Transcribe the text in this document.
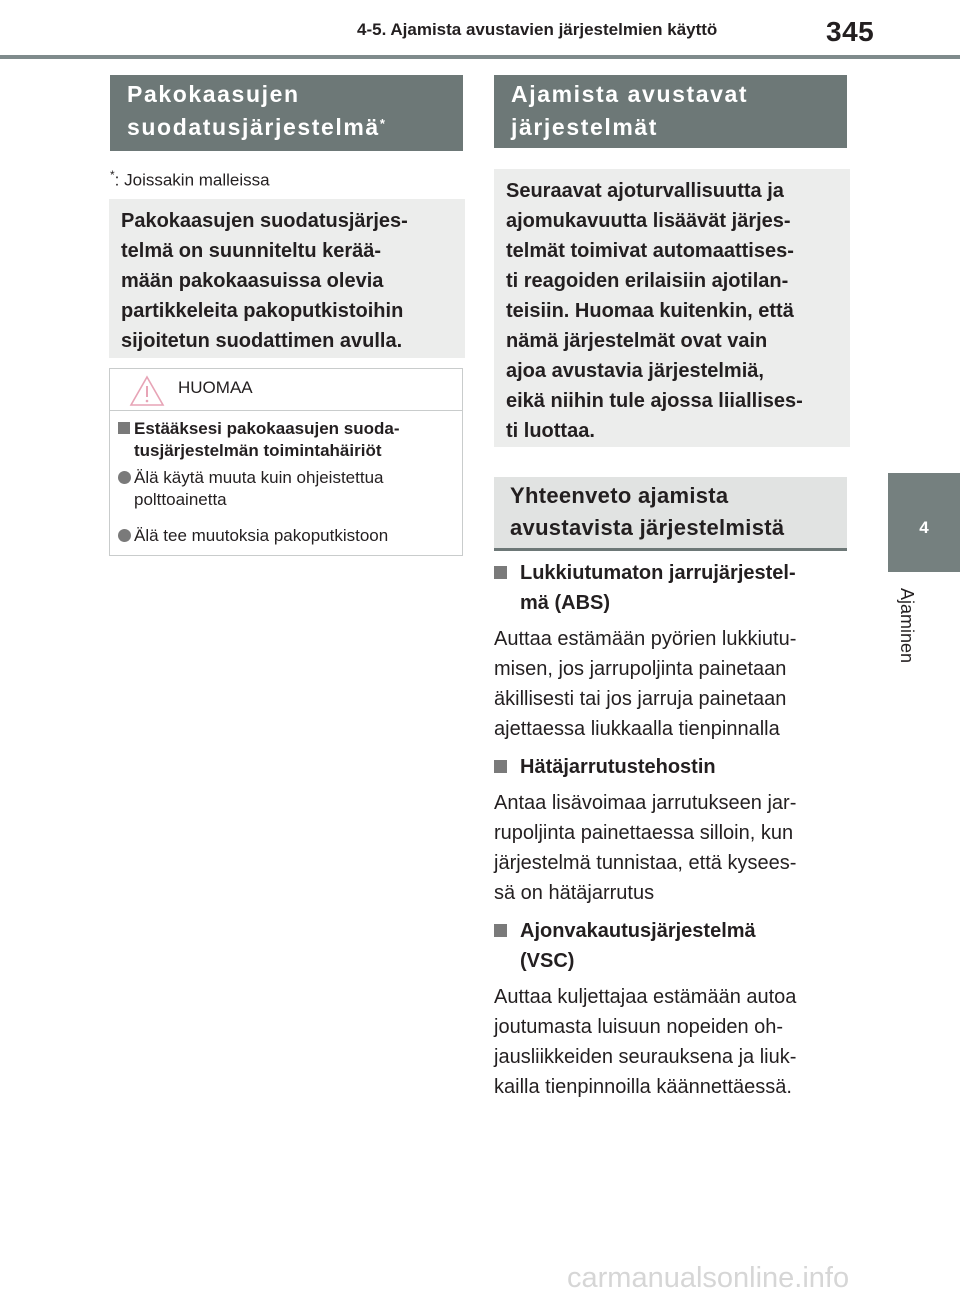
4-5. Ajamista avustavien järjestelmien käyttö	345
4
Ajaminen
Pakokaasujen
suodatusjärjestelmä*
*: Joissakin malleissa
Pakokaasujen suodatusjärjes-
telmä on suunniteltu kerää-
mään pakokaasuissa olevia
partikkeleita pakoputkistoihin
sijoitetun suodattimen avulla.
HUOMAA
Estääksesi pakokaasujen suoda-
tusjärjestelmän toimintahäiriöt
Älä käytä muuta kuin ohjeistettua
polttoainetta
Älä tee muutoksia pakoputkistoon
Ajamista avustavat
järjestelmät
Seuraavat ajoturvallisuutta ja
ajomukavuutta lisäävät järjes-
telmät toimivat automaattises-
ti reagoiden erilaisiin ajotilan-
teisiin. Huomaa kuitenkin, että
nämä järjestelmät ovat vain
ajoa avustavia järjestelmiä,
eikä niihin tule ajossa liiallises-
ti luottaa.
Yhteenveto ajamista
avustavista järjestelmistä
Lukkiutumaton jarrujärjestel-
mä (ABS)
Auttaa estämään pyörien lukkiutu-
misen, jos jarrupoljinta painetaan
äkillisesti tai jos jarruja painetaan
ajettaessa liukkaalla tienpinnalla
Hätäjarrutustehostin
Antaa lisävoimaa jarrutukseen jar-
rupoljinta painettaessa silloin, kun
järjestelmä tunnistaa, että kysees-
sä on hätäjarrutus
Ajonvakautusjärjestelmä
(VSC)
Auttaa kuljettajaa estämään autoa
joutumasta luisuun nopeiden oh-
jausliikkeiden seurauksena ja liuk-
kailla tienpinnoilla käännettäessä.
carmanualsonline.info
